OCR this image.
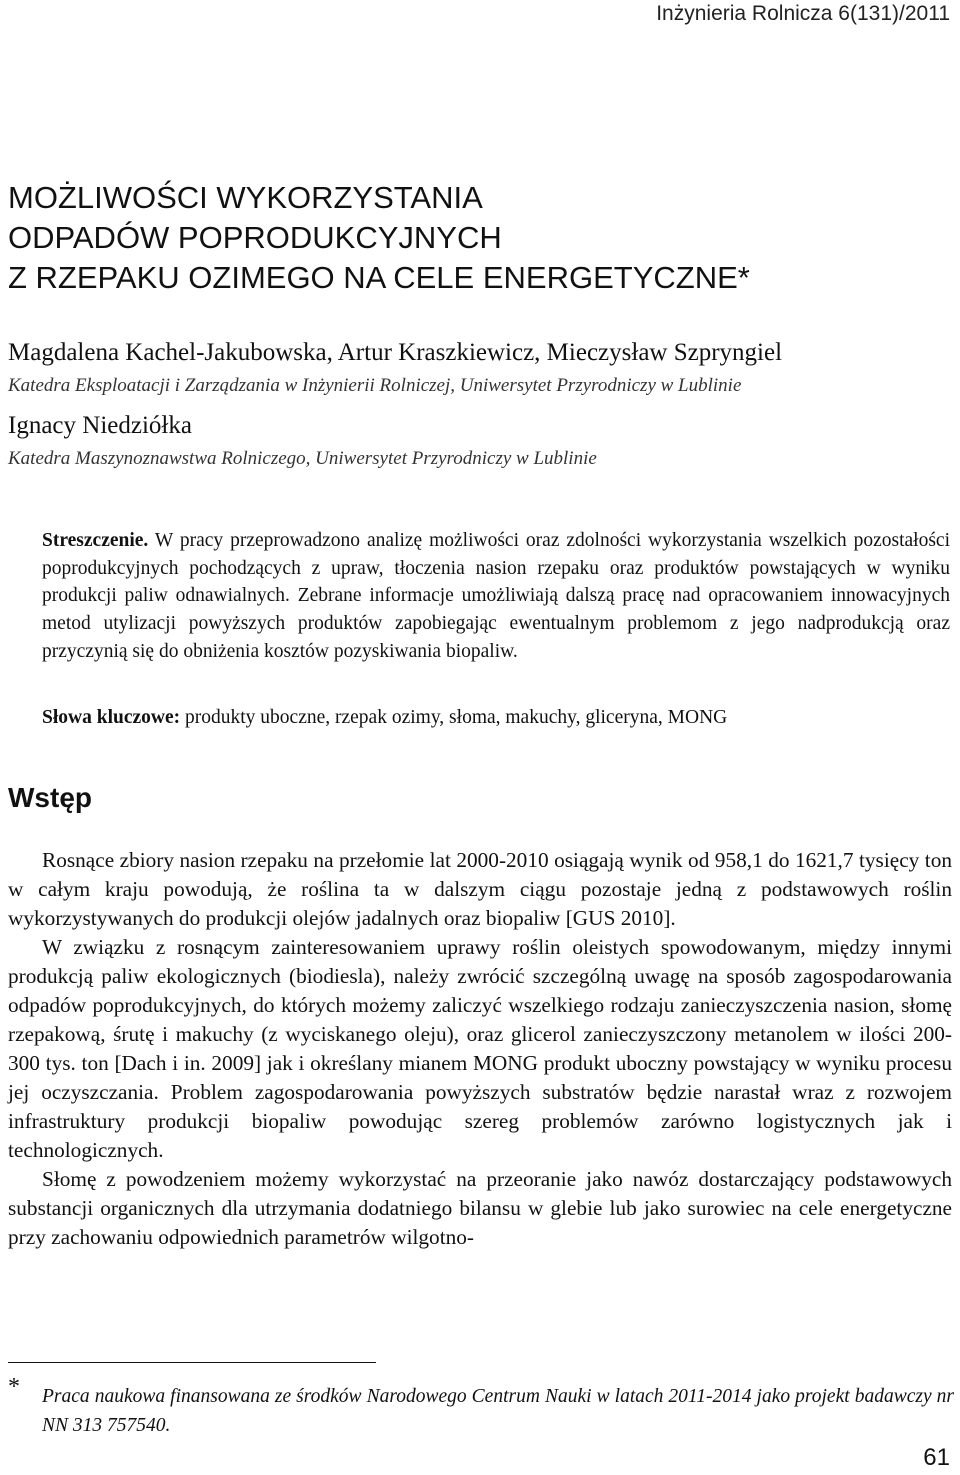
Inżynieria Rolnicza 6(131)/2011
MOŻLIWOŚCI WYKORZYSTANIA
ODPADÓW POPRODUKCYJNYCH
Z RZEPAKU OZIMEGO NA CELE ENERGETYCZNE*
Magdalena Kachel-Jakubowska, Artur Kraszkiewicz, Mieczysław Szpryngiel
Katedra Eksploatacji i Zarządzania w Inżynierii Rolniczej, Uniwersytet Przyrodniczy w Lublinie
Ignacy Niedziółka
Katedra Maszynoznawstwa Rolniczego, Uniwersytet Przyrodniczy w Lublinie

Streszczenie. W pracy przeprowadzono analizę możliwości oraz zdolności wykorzystania wszelkich pozostałości poprodukcyjnych pochodzących z upraw, tłoczenia nasion rzepaku oraz produktów powstających w wyniku produkcji paliw odnawialnych. Zebrane informacje umożliwiają dalszą pracę nad opracowaniem innowacyjnych metod utylizacji powyższych produktów zapobiegając ewentualnym problemom z jego nadprodukcją oraz przyczynią się do obniżenia kosztów pozyskiwania biopaliw.

Słowa kluczowe: produkty uboczne, rzepak ozimy, słoma, makuchy, gliceryna, MONG
Wstęp

Rosnące zbiory nasion rzepaku na przełomie lat 2000-2010 osiągają wynik od 958,1 do 1621,7 tysięcy ton w całym kraju powodują, że roślina ta w dalszym ciągu pozostaje jedną z podstawowych roślin wykorzystywanych do produkcji olejów jadalnych oraz biopaliw [GUS 2010].

W związku z rosnącym zainteresowaniem uprawy roślin oleistych spowodowanym, między innymi produkcją paliw ekologicznych (biodiesla), należy zwrócić szczególną uwagę na sposób zagospodarowania odpadów poprodukcyjnych, do których możemy zaliczyć wszelkiego rodzaju zanieczyszczenia nasion, słomę rzepakową, śrutę i makuchy (z wyciskanego oleju), oraz glicerol zanieczyszczony metanolem w ilości 200-300 tys. ton [Dach i in. 2009] jak i określany mianem MONG produkt uboczny powstający w wyniku procesu jej oczyszczania. Problem zagospodarowania powyższych substratów będzie narastał wraz z rozwojem infrastruktury produkcji biopaliw powodując szereg problemów zarówno logistycznych jak i technologicznych.

Słomę z powodzeniem możemy wykorzystać na przeoranie jako nawóz dostarczający podstawowych substancji organicznych dla utrzymania dodatniego bilansu w glebie lub jako surowiec na cele energetyczne przy zachowaniu odpowiednich parametrów wilgotno-

* Praca naukowa finansowana ze środków Narodowego Centrum Nauki w latach 2011-2014 jako projekt badawczy nr NN 313 757540.
61
